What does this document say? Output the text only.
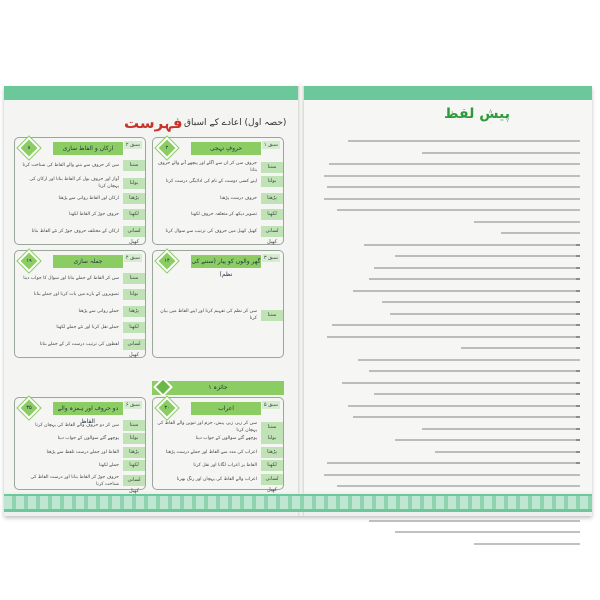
فہرست (حصہ اول) اعادے کے اسباق
سبق ۱
حروفِ تہجی
۲
سننا
حروف سن کر ان سے اگلے اور پیچھے آنے والے حروف بتانا
بولنا
اپنے کسی دوست کے نام کی ادائیگی درست کرنا
پڑھنا
حروف درست پڑھنا
لکھنا
تصویر دیکھ کر متعلقہ حروف لکھنا
لسانی کھیل
کھیل کھیل میں حروف کی ترتیب سے سوال کرنا
سبق ۲
ارکان و الفاظ سازی
۸
سننا
سن کر حروف سے بننے والے الفاظ کی شناخت کرنا
بولنا
آواز اور حروف بول کر الفاظ بنانا اور ارکان کی پہچان کرنا
پڑھنا
ارکان اور الفاظ روانی سے پڑھنا
لکھنا
حروف جوڑ کر الفاظ لکھنا
لسانی کھیل
ارکان کے مختلف حروف جوڑ کر نئے الفاظ بنانا
سبق ۳
گھر والوں کو پیار (سننے کی نظم)
۱۴
سننا
سن کر نظم کی تفہیم کرنا اور اپنے الفاظ میں بیان کرنا
سبق ۴
جملہ سازی
۱۹
سننا
سن کر الفاظ کے جملے بنانا اور سوال کا جواب دینا
بولنا
تصویروں کے بارے میں بات کرنا اور جملے بنانا
پڑھنا
جملے روانی سے پڑھنا
لکھنا
جملے نقل کرنا اور نئے جملے لکھنا
لسانی کھیل
لفظوں کی ترتیب درست کر کے جملے بنانا
سبق ۵
اعراب
۳۰
سننا
سن کر زبر، زیر، پیش، جزم اور تنوین والے الفاظ کی پہچان کرنا
بولنا
پوچھے گئے سوالوں کے جواب دینا
پڑھنا
اعراب کی مدد سے الفاظ اور جملے درست پڑھنا
لکھنا
الفاظ پر اعراب لگانا اور نقل کرنا
لسانی کھیل
اعراب والے الفاظ کی پہچان اور رنگ بھرنا
سبق ۶
دو حروف اور ہمزہ والے الفاظ
۳۵
سننا
سن کر دو حروف والے الفاظ کی پہچان کرنا
بولنا
پوچھے گئے سوالوں کے جواب دینا
پڑھنا
الفاظ اور جملے درست تلفظ سے پڑھنا
لکھنا
جملے لکھنا
لسانی کھیل
حروف جوڑ کر الفاظ بنانا اور درست الفاظ کی شناخت کرنا
جائزہ ۱
پیش لفظ
